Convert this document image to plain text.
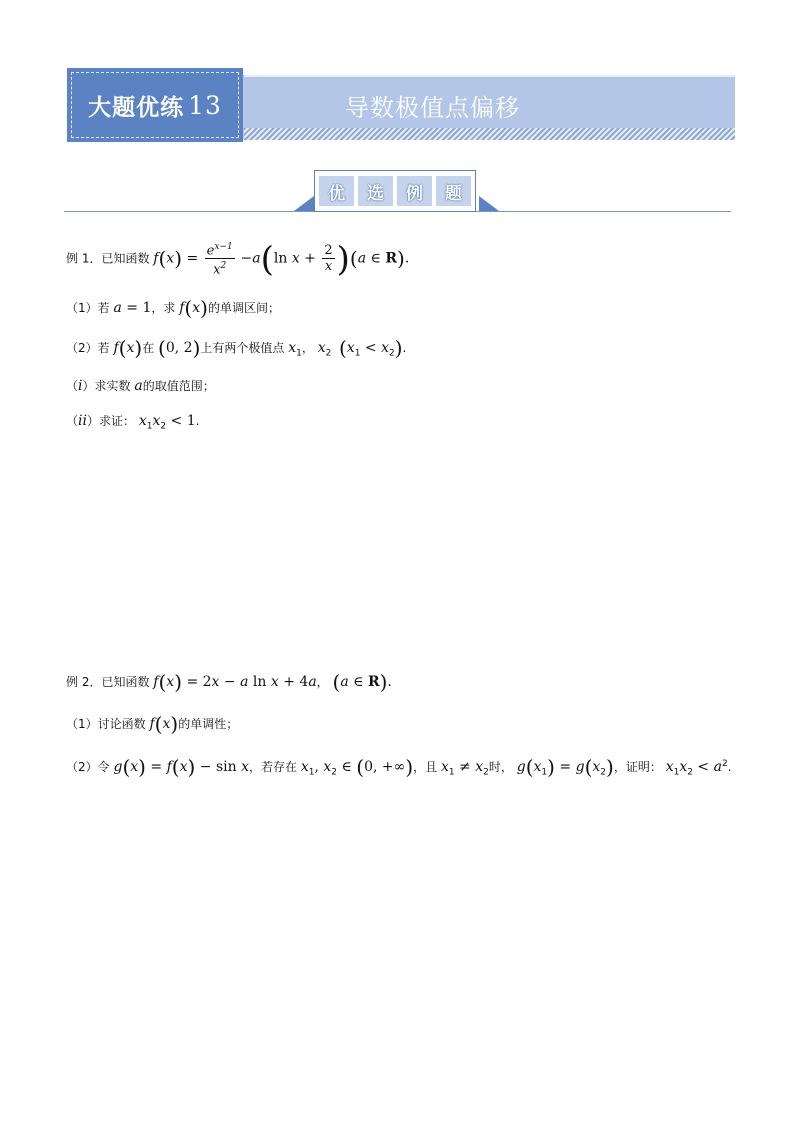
大题优练 13	导数极值点偏移
优	选	例	题
例 1．已知函数 $f(x) = \frac{e^{x-1}}{x^2} -a(\ln$ $x + \frac{2}{x} )(a$ ∈ R).
（1）若 a = 1，求 f(x)的单调区间；
（2）若 f(x)在 (0, 2)上有两个极值点 $x_1$， $x_2$ $(x_1 < x_2)$.
（i）求实数 a的取值范围；
（ii）求证： $x_1x_2 < 1$.
例 2．已知函数 f(x) = 2x − a ln x + 4a， (a ∈ R).
（1）讨论函数 f(x)的单调性；
（2）令 g(x) = f(x) − sin x，若存在 $x_1$, $x_2$ ∈ (0, +∞)，且 $x_1 \ne x_2$时， $g(x_1) = g(x_2)$，证明： $x_1x_2 < a^2$.
